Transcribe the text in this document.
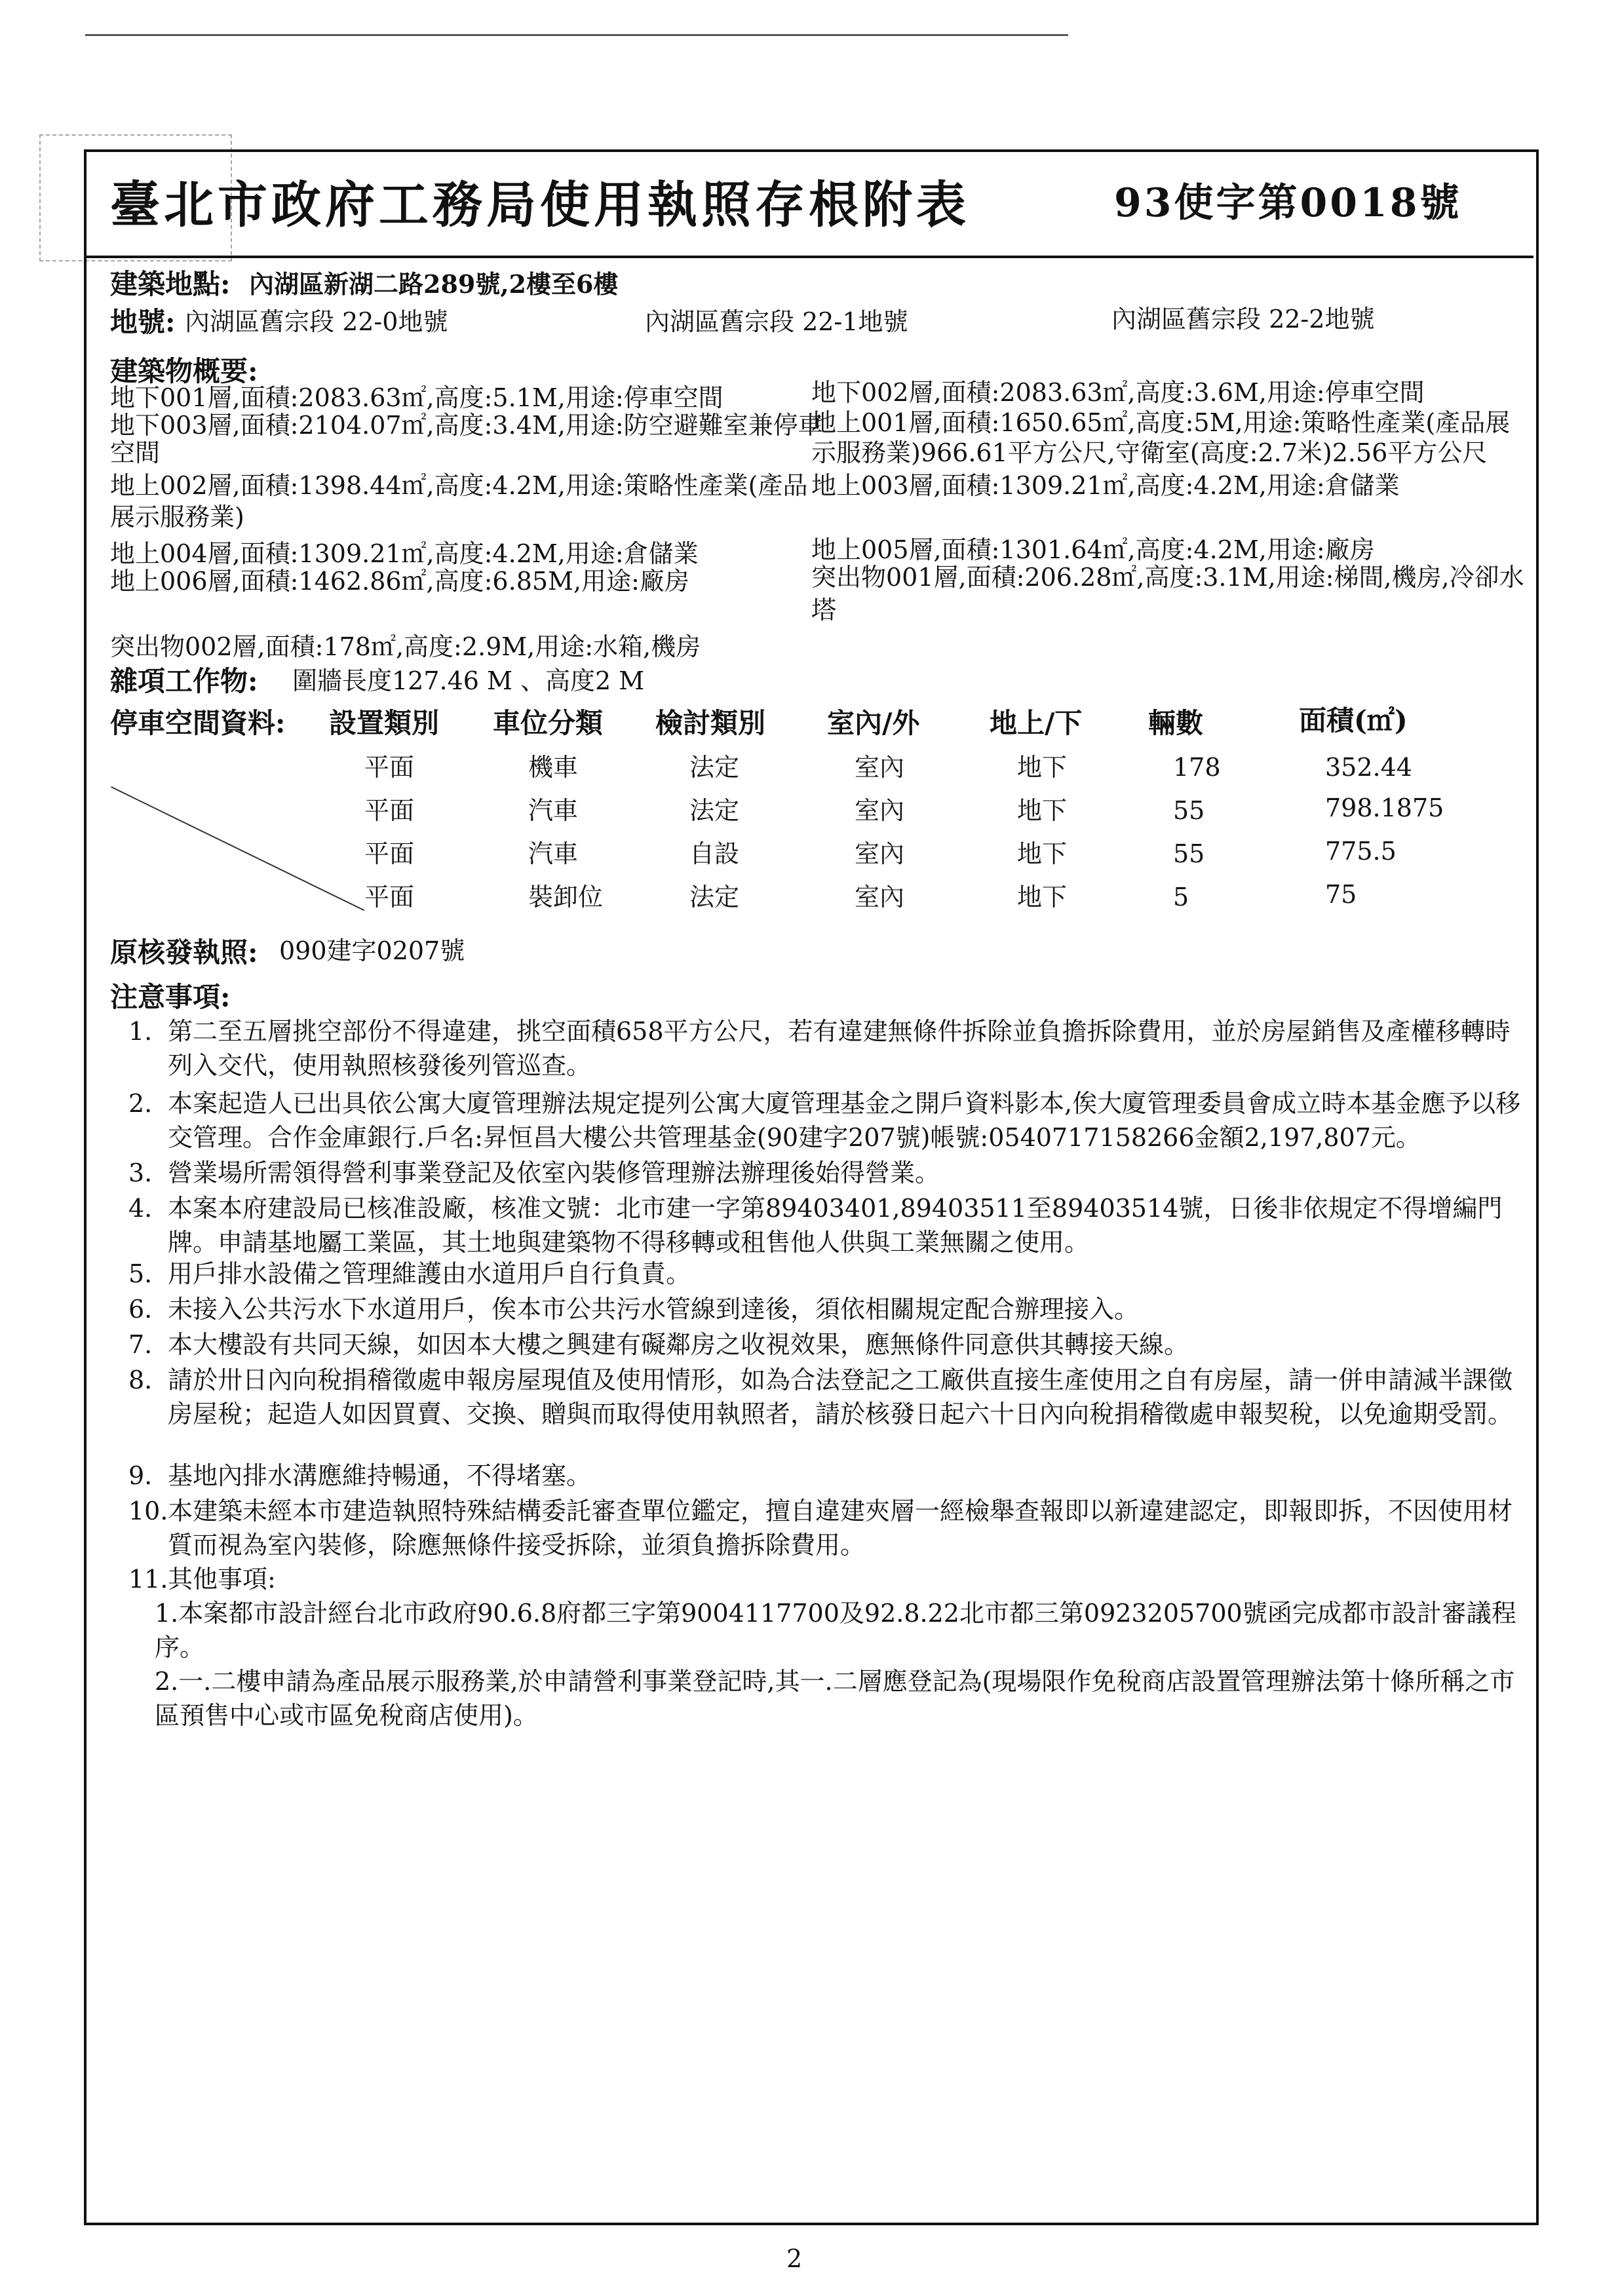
臺北市政府工務局使用執照存根附表	93使字第0018號
建築地點: 內湖區新湖二路289號,2樓至6樓
地號: 內湖區舊宗段 22-0地號	內湖區舊宗段 22-1地號	內湖區舊宗段 22-2地號
建築物概要:
地下001層,面積:2083.63㎡,高度:5.1M,用途:停車空間
地下003層,面積:2104.07㎡,高度:3.4M,用途:防空避難室兼停車
空間
地上002層,面積:1398.44㎡,高度:4.2M,用途:策略性產業(產品
展示服務業)
地上004層,面積:1309.21㎡,高度:4.2M,用途:倉儲業
地上006層,面積:1462.86㎡,高度:6.85M,用途:廠房
地下002層,面積:2083.63㎡,高度:3.6M,用途:停車空間
地上001層,面積:1650.65㎡,高度:5M,用途:策略性產業(產品展
示服務業)966.61平方公尺,守衛室(高度:2.7米)2.56平方公尺
地上003層,面積:1309.21㎡,高度:4.2M,用途:倉儲業
地上005層,面積:1301.64㎡,高度:4.2M,用途:廠房
突出物001層,面積:206.28㎡,高度:3.1M,用途:梯間,機房,冷卻水
塔
突出物002層,面積:178㎡,高度:2.9M,用途:水箱,機房
雜項工作物: 圍牆長度127.46 M 、高度2 M
停車空間資料: 設置類別 車位分類 檢討類別 室內/外	地上/下 輛數	面積(㎡)
平面	機車	法定	室內	地下	178	352.44
平面	汽車	法定	室內	地下	55	798.1875
平面	汽車	自設	室內	地下	55	775.5
平面	裝卸位	法定	室內	地下	5	75
原核發執照: 090建字0207號
注意事項:
1. 第二至五層挑空部份不得違建，挑空面積658平方公尺，若有違建無條件拆除並負擔拆除費用，並於房屋銷售及產權移轉時列入交代，使用執照核發後列管巡查。
2. 本案起造人已出具依公寓大廈管理辦法規定提列公寓大廈管理基金之開戶資料影本,俟大廈管理委員會成立時本基金應予以移交管理。合作金庫銀行.戶名:昇恒昌大樓公共管理基金(90建字207號)帳號:0540717158266金額2,197,807元。
3. 營業場所需領得營利事業登記及依室內裝修管理辦法辦理後始得營業。
4. 本案本府建設局已核准設廠，核准文號：北市建一字第89403401,89403511至89403514號，日後非依規定不得增編門牌。申請基地屬工業區，其土地與建築物不得移轉或租售他人供與工業無關之使用。
5. 用戶排水設備之管理維護由水道用戶自行負責。
6. 未接入公共污水下水道用戶，俟本市公共污水管線到達後，須依相關規定配合辦理接入。
7. 本大樓設有共同天線，如因本大樓之興建有礙鄰房之收視效果，應無條件同意供其轉接天線。
8. 請於卅日內向稅捐稽徵處申報房屋現值及使用情形，如為合法登記之工廠供直接生產使用之自有房屋，請一併申請減半課徵房屋稅；起造人如因買賣、交換、贈與而取得使用執照者，請於核發日起六十日內向稅捐稽徵處申報契稅，以免逾期受罰。
9. 基地內排水溝應維持暢通，不得堵塞。
10. 本建築未經本市建造執照特殊結構委託審查單位鑑定，擅自違建夾層一經檢舉查報即以新違建認定，即報即拆，不因使用材質而視為室內裝修，除應無條件接受拆除，並須負擔拆除費用。
11. 其他事項:
1.本案都市設計經台北市政府90.6.8府都三字第9004117700及92.8.22北市都三第0923205700號函完成都市設計審議程序。
2.一.二樓申請為產品展示服務業,於申請營利事業登記時,其一.二層應登記為(現場限作免稅商店設置管理辦法第十條所稱之市區預售中心或市區免稅商店使用)。
2
